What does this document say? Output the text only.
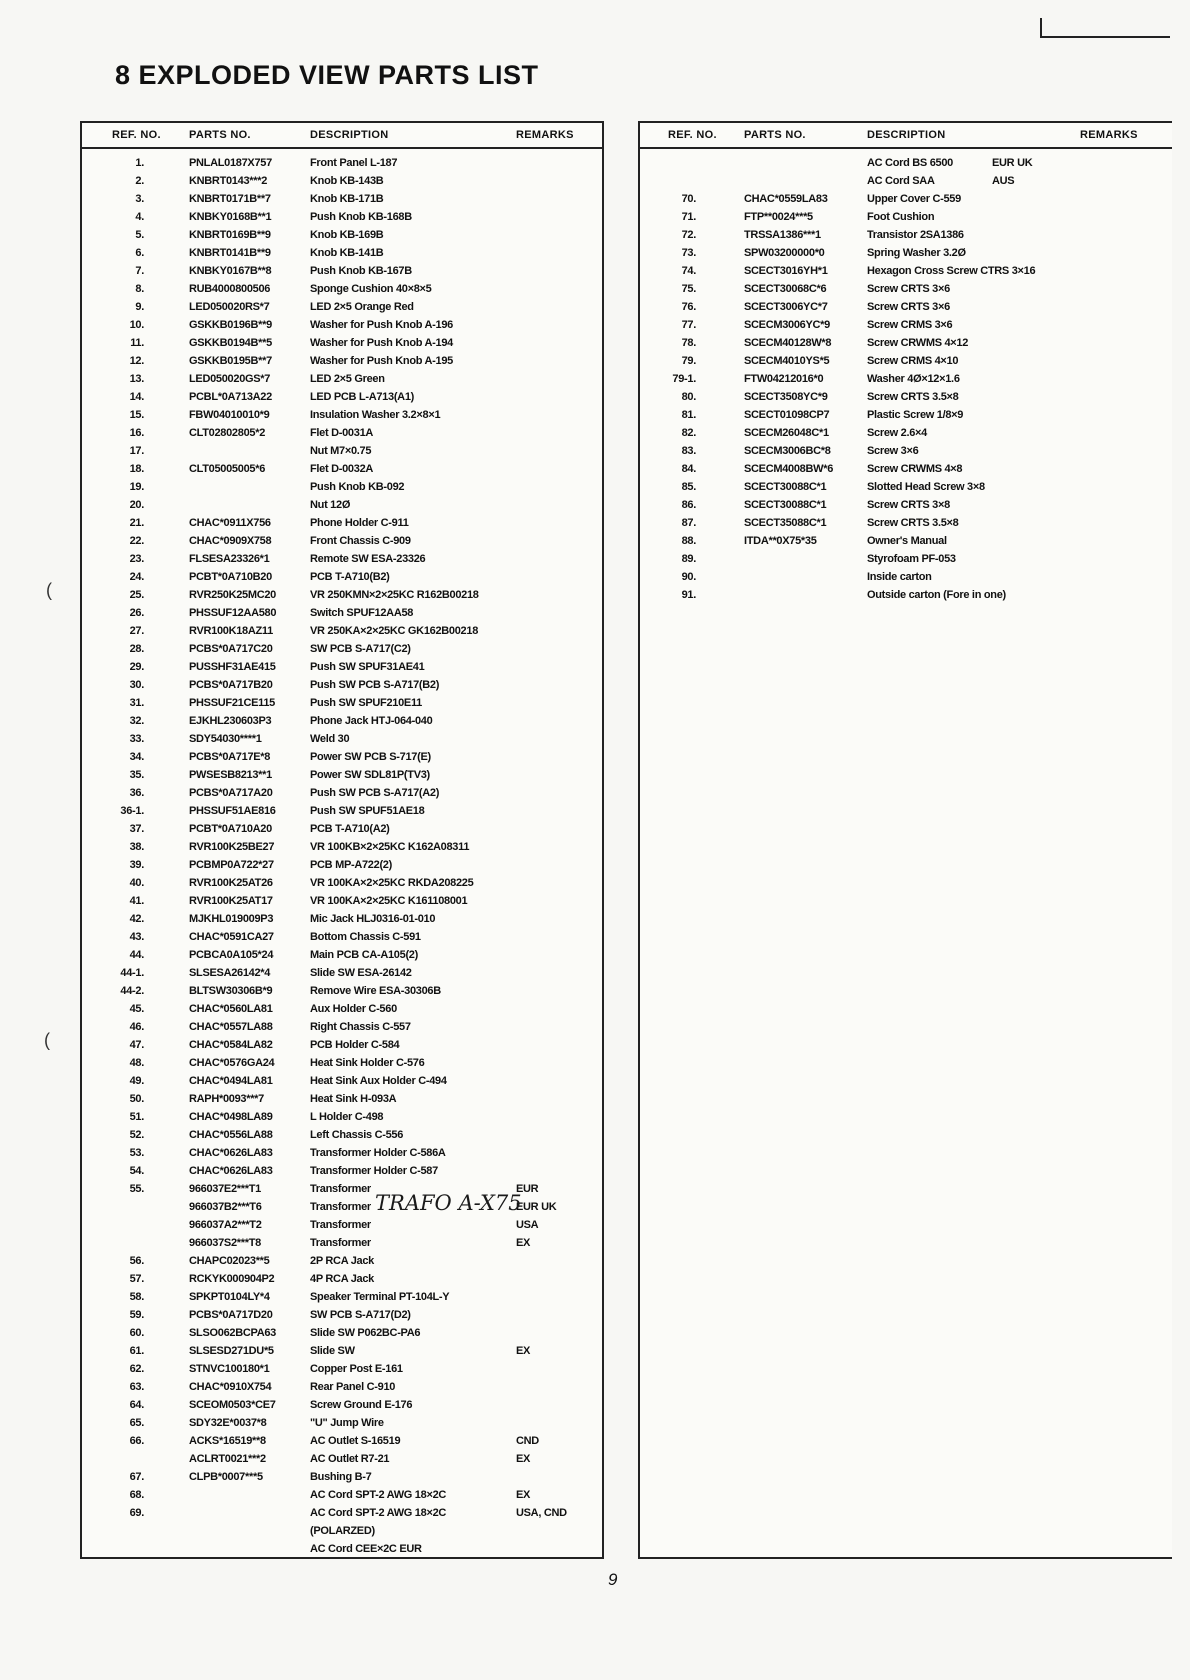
8 EXPLODED VIEW PARTS LIST
REF. NO.	PARTS NO.	DESCRIPTION	REMARKS
1.	PNLAL0187X757	Front Panel L-187
2.	KNBRT0143***2	Knob KB-143B
3.	KNBRT0171B**7	Knob KB-171B
4.	KNBKY0168B**1	Push Knob KB-168B
5.	KNBRT0169B**9	Knob KB-169B
6.	KNBRT0141B**9	Knob KB-141B
7.	KNBKY0167B**8	Push Knob KB-167B
8.	RUB4000800506	Sponge Cushion 40×8×5
9.	LED050020RS*7	LED 2×5 Orange Red
10.	GSKKB0196B**9	Washer for Push Knob A-196
11.	GSKKB0194B**5	Washer for Push Knob A-194
12.	GSKKB0195B**7	Washer for Push Knob A-195
13.	LED050020GS*7	LED 2×5 Green
14.	PCBL*0A713A22	LED PCB L-A713(A1)
15.	FBW04010010*9	Insulation Washer 3.2×8×1
16.	CLT02802805*2	Flet D-0031A
17.	Nut M7×0.75
18.	CLT05005005*6	Flet D-0032A
19.	Push Knob KB-092
20.	Nut 12Ø
21.	CHAC*0911X756	Phone Holder C-911
22.	CHAC*0909X758	Front Chassis C-909
23.	FLSESA23326*1	Remote SW ESA-23326
24.	PCBT*0A710B20	PCB T-A710(B2)
25.	RVR250K25MC20	VR 250KMN×2×25KC R162B00218
26.	PHSSUF12AA580	Switch SPUF12AA58
27.	RVR100K18AZ11	VR 250KA×2×25KC GK162B00218
28.	PCBS*0A717C20	SW PCB S-A717(C2)
29.	PUSSHF31AE415	Push SW SPUF31AE41
30.	PCBS*0A717B20	Push SW PCB S-A717(B2)
31.	PHSSUF21CE115	Push SW SPUF210E11
32.	EJKHL230603P3	Phone Jack HTJ-064-040
33.	SDY54030****1	Weld 30
34.	PCBS*0A717E*8	Power SW PCB S-717(E)
35.	PWSESB8213**1	Power SW SDL81P(TV3)
36.	PCBS*0A717A20	Push SW PCB S-A717(A2)
36-1.	PHSSUF51AE816	Push SW SPUF51AE18
37.	PCBT*0A710A20	PCB T-A710(A2)
38.	RVR100K25BE27	VR 100KB×2×25KC K162A08311
39.	PCBMP0A722*27	PCB MP-A722(2)
40.	RVR100K25AT26	VR 100KA×2×25KC RKDA208225
41.	RVR100K25AT17	VR 100KA×2×25KC K161108001
42.	MJKHL019009P3	Mic Jack HLJ0316-01-010
43.	CHAC*0591CA27	Bottom Chassis C-591
44.	PCBCA0A105*24	Main PCB CA-A105(2)
44-1.	SLSESA26142*4	Slide SW ESA-26142
44-2.	BLTSW30306B*9	Remove Wire ESA-30306B
45.	CHAC*0560LA81	Aux Holder C-560
46.	CHAC*0557LA88	Right Chassis C-557
47.	CHAC*0584LA82	PCB Holder C-584
48.	CHAC*0576GA24	Heat Sink Holder C-576
49.	CHAC*0494LA81	Heat Sink Aux Holder C-494
50.	RAPH*0093***7	Heat Sink H-093A
51.	CHAC*0498LA89	L Holder C-498
52.	CHAC*0556LA88	Left Chassis C-556
53.	CHAC*0626LA83	Transformer Holder C-586A
54.	CHAC*0626LA83	Transformer Holder C-587
55.	966037E2***T1	Transformer	EUR
966037B2***T6	Transformer	EUR UK
966037A2***T2	Transformer	USA
966037S2***T8	Transformer	EX
56.	CHAPC02023**5	2P RCA Jack
57.	RCKYK000904P2	4P RCA Jack
58.	SPKPT0104LY*4	Speaker Terminal PT-104L-Y
59.	PCBS*0A717D20	SW PCB S-A717(D2)
60.	SLSO062BCPA63	Slide SW P062BC-PA6
61.	SLSESD271DU*5	Slide SW	EX
62.	STNVC100180*1	Copper Post E-161
63.	CHAC*0910X754	Rear Panel C-910
64.	SCEOM0503*CE7	Screw Ground E-176
65.	SDY32E*0037*8	"U" Jump Wire
66.	ACKS*16519**8	AC Outlet S-16519	CND
ACLRT0021***2	AC Outlet R7-21	EX
67.	CLPB*0007***5	Bushing B-7
68.	AC Cord SPT-2 AWG 18×2C	EX
69.	AC Cord SPT-2 AWG 18×2C	USA, CND
(POLARZED)
AC Cord CEE×2C EUR
REF. NO. PARTS NO.	DESCRIPTION	REMARKS
AC Cord BS 6500	EUR UK
AC Cord SAA	AUS
70.	CHAC*0559LA83	Upper Cover C-559
71.	FTP**0024***5	Foot Cushion
72.	TRSSA1386***1	Transistor 2SA1386
73.	SPW03200000*0	Spring Washer 3.2Ø
74.	SCECT3016YH*1	Hexagon Cross Screw CTRS 3×16
75.	SCECT30068C*6	Screw CRTS 3×6
76.	SCECT3006YC*7	Screw CRTS 3×6
77.	SCECM3006YC*9	Screw CRMS 3×6
78.	SCECM40128W*8	Screw CRWMS 4×12
79.	SCECM4010YS*5	Screw CRMS 4×10
79-1.	FTW04212016*0	Washer 4Ø×12×1.6
80.	SCECT3508YC*9	Screw CRTS 3.5×8
81.	SCECT01098CP7	Plastic Screw 1/8×9
82.	SCECM26048C*1	Screw 2.6×4
83.	SCECM3006BC*8	Screw 3×6
84.	SCECM4008BW*6	Screw CRWMS 4×8
85.	SCECT30088C*1	Slotted Head Screw 3×8
86.	SCECT30088C*1	Screw CRTS 3×8
87.	SCECT35088C*1	Screw CRTS 3.5×8
88.	ITDA**0X75*35	Owner's Manual
89.	Styrofoam PF-053
90.	Inside carton
91.	Outside carton (Fore in one)
TRAFO A-X75
9
(
(
